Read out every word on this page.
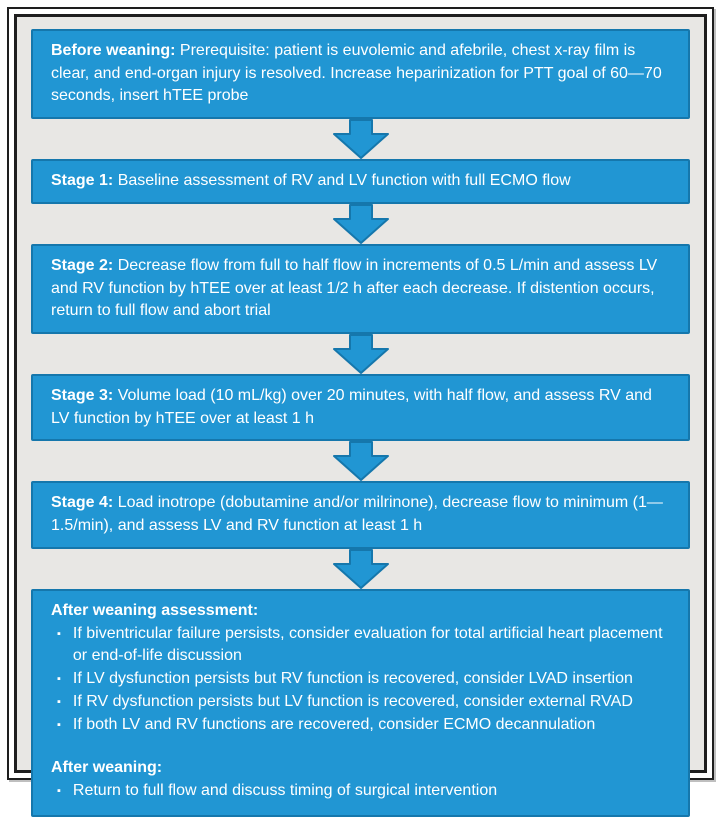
Before weaning: Prerequisite: patient is euvolemic and afebrile, chest x-ray film is clear, and end-organ injury is resolved. Increase heparinization for PTT goal of 60—70 seconds, insert hTEE probe
Stage 1: Baseline assessment of RV and LV function with full ECMO flow
Stage 2: Decrease flow from full to half flow in increments of 0.5 L/min and assess LV and RV function by hTEE over at least 1/2 h after each decrease. If distention occurs, return to full flow and abort trial
Stage 3: Volume load (10 mL/kg) over 20 minutes, with half flow, and assess RV and LV function by hTEE over at least 1 h
Stage 4: Load inotrope (dobutamine and/or milrinone), decrease flow to minimum (1—1.5/min), and assess LV and RV function at least 1 h
After weaning assessment:
▪ If biventricular failure persists, consider evaluation for total artificial heart placement or end-of-life discussion
▪ If LV dysfunction persists but RV function is recovered, consider LVAD insertion
▪ If RV dysfunction persists but LV function is recovered, consider external RVAD
▪ If both LV and RV functions are recovered, consider ECMO decannulation
After weaning:
▪ Return to full flow and discuss timing of surgical intervention
